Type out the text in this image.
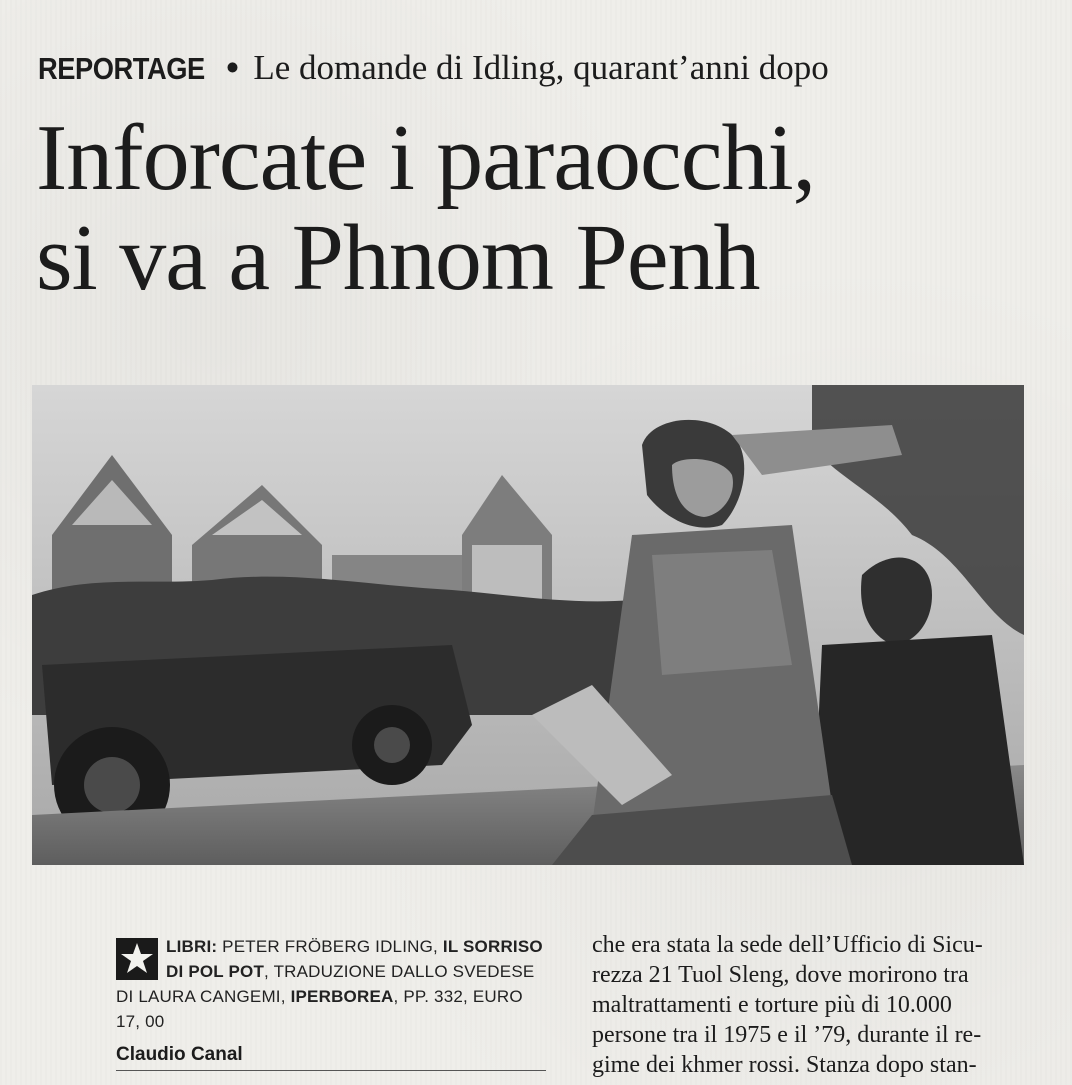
REPORTAGE • Le domande di Idling, quarant’anni dopo
Inforcate i paraocchi,
si va a Phnom Penh
LIBRI: PETER FRÖBERG IDLING, IL SORRISO
DI POL POT, TRADUZIONE DALLO SVEDESE
DI LAURA CANGEMI, IPERBOREA, PP. 332, EURO
17, 00
Claudio Canal
che era stata la sede dell’Ufficio di Sicu-
rezza 21 Tuol Sleng, dove morirono tra
maltrattamenti e torture più di 10.000
persone tra il 1975 e il ’79, durante il re-
gime dei khmer rossi. Stanza dopo stan-
